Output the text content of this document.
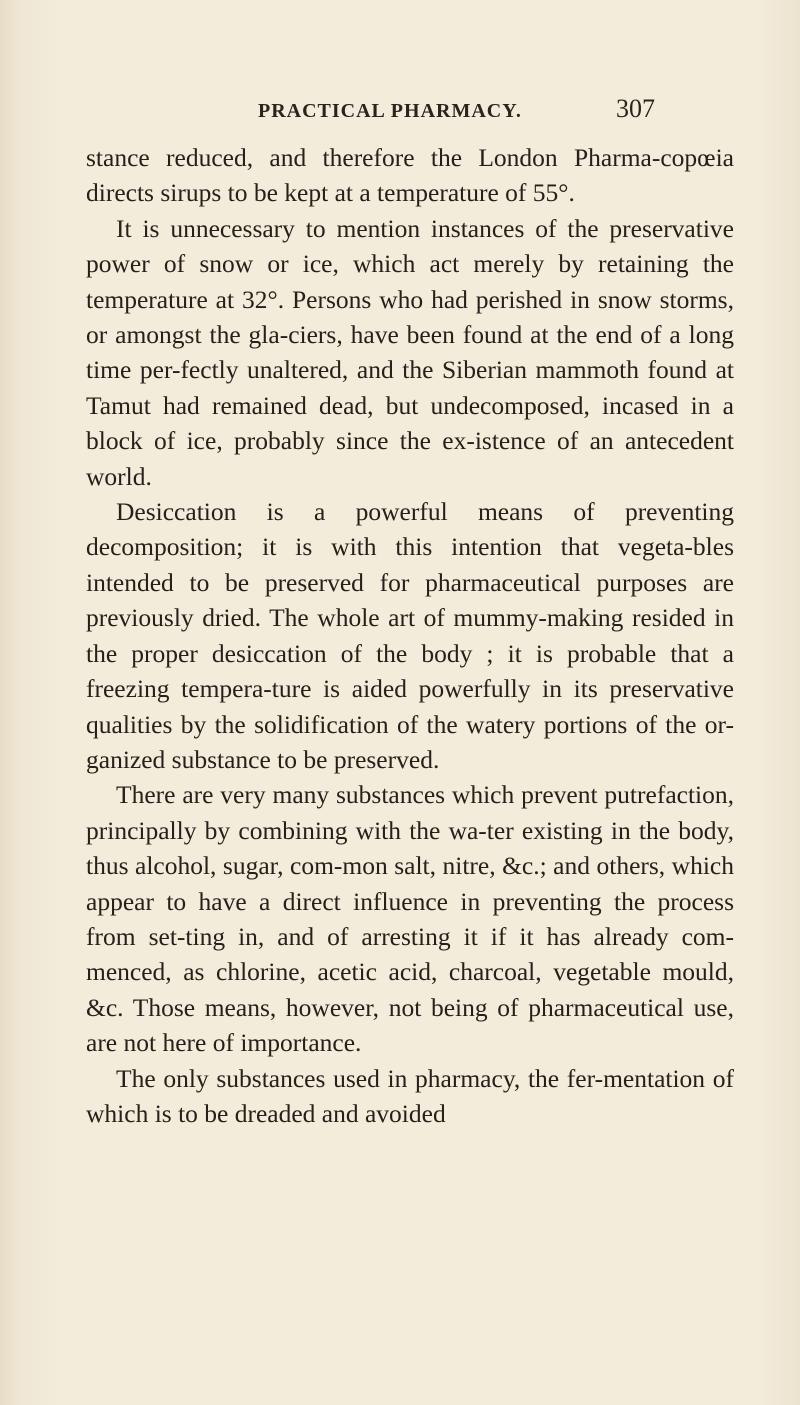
PRACTICAL PHARMACY.	307

stance reduced, and therefore the London Pharma-copœia directs sirups to be kept at a temperature of 55°.

It is unnecessary to mention instances of the preservative power of snow or ice, which act merely by retaining the temperature at 32°. Persons who had perished in snow storms, or amongst the gla-ciers, have been found at the end of a long time per-fectly unaltered, and the Siberian mammoth found at Tamut had remained dead, but undecomposed, incased in a block of ice, probably since the ex-istence of an antecedent world.

Desiccation is a powerful means of preventing decomposition; it is with this intention that vegeta-bles intended to be preserved for pharmaceutical purposes are previously dried. The whole art of mummy-making resided in the proper desiccation of the body ; it is probable that a freezing tempera-ture is aided powerfully in its preservative qualities by the solidification of the watery portions of the or-ganized substance to be preserved.

There are very many substances which prevent putrefaction, principally by combining with the wa-ter existing in the body, thus alcohol, sugar, com-mon salt, nitre, &c.; and others, which appear to have a direct influence in preventing the process from set-ting in, and of arresting it if it has already com-menced, as chlorine, acetic acid, charcoal, vegetable mould, &c. Those means, however, not being of pharmaceutical use, are not here of importance.

The only substances used in pharmacy, the fer-mentation of which is to be dreaded and avoided
